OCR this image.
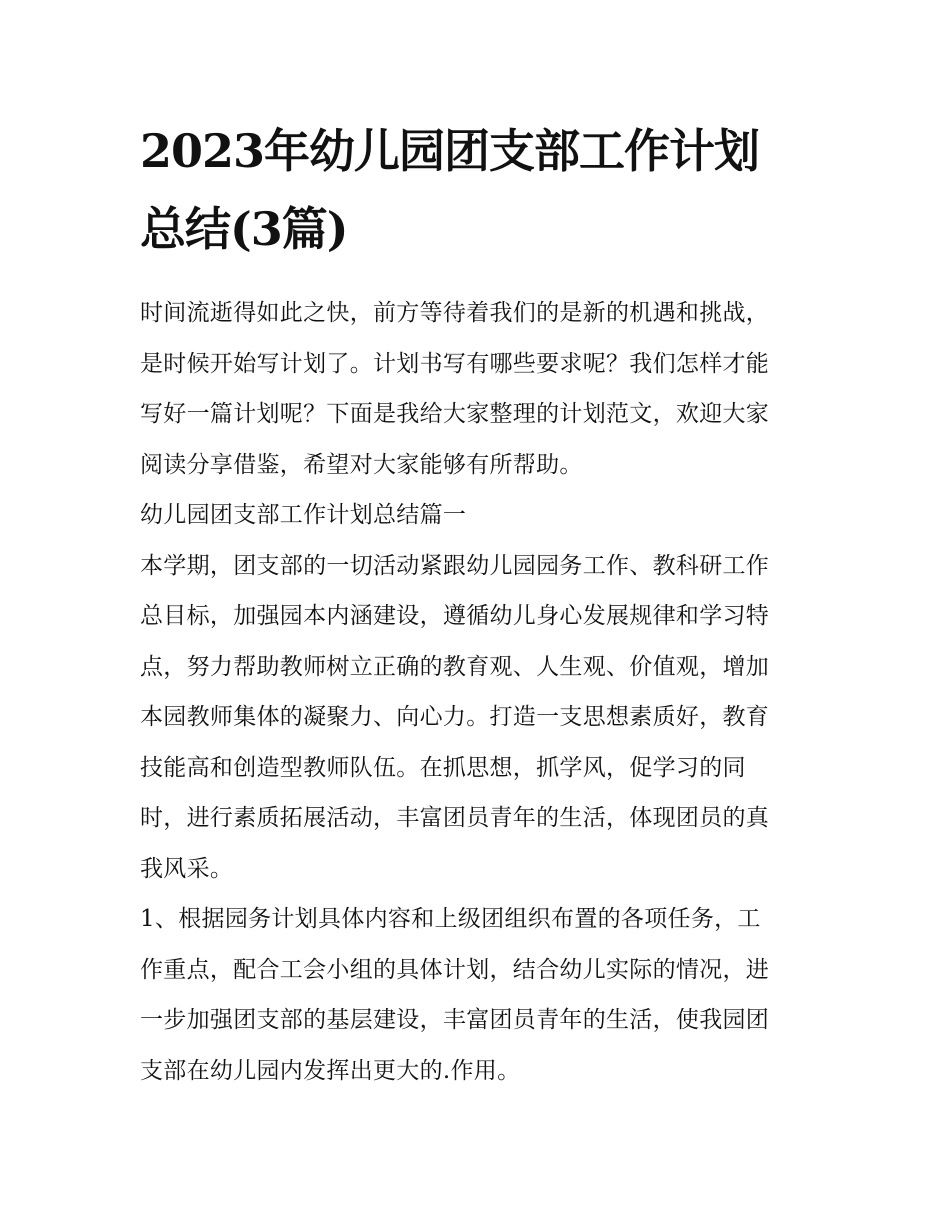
2023年幼儿园团支部工作计划
总结(3篇)

时间流逝得如此之快，前方等待着我们的是新的机遇和挑战，
是时候开始写计划了。计划书写有哪些要求呢？我们怎样才能
写好一篇计划呢？下面是我给大家整理的计划范文，欢迎大家
阅读分享借鉴，希望对大家能够有所帮助。

幼儿园团支部工作计划总结篇一

本学期，团支部的一切活动紧跟幼儿园园务工作、教科研工作
总目标，加强园本内涵建设，遵循幼儿身心发展规律和学习特
点，努力帮助教师树立正确的教育观、人生观、价值观，增加
本园教师集体的凝聚力、向心力。打造一支思想素质好，教育
技能高和创造型教师队伍。在抓思想，抓学风，促学习的同
时，进行素质拓展活动，丰富团员青年的生活，体现团员的真
我风采。

1、根据园务计划具体内容和上级团组织布置的各项任务，工
作重点，配合工会小组的具体计划，结合幼儿实际的情况，进
一步加强团支部的基层建设，丰富团员青年的生活，使我园团
支部在幼儿园内发挥出更大的.作用。
